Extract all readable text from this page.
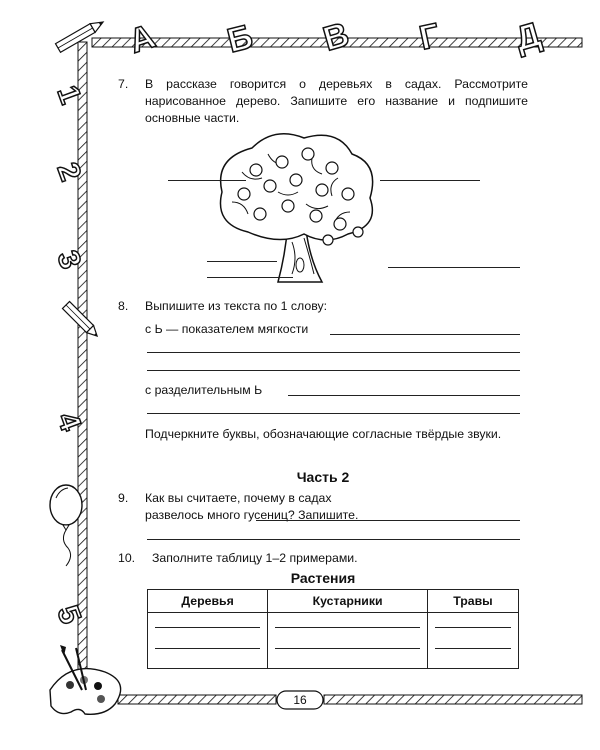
А Б В Г Д
1
2
3
4
5
7. В рассказе говорится о деревьях в садах. Рассмотрите нарисованное дерево. Запишите его название и подпишите основные части.
8. Выпишите из текста по 1 слову:
с Ь — показателем мягкости
с разделительным Ь
Подчеркните буквы, обозначающие согласные твёрдые звуки.
Часть 2
9. Как вы считаете, почему в садах развелось много гусениц? Запишите.
10. Заполните таблицу 1–2 примерами.
Растения
Деревья	Кустарники	Травы

16
